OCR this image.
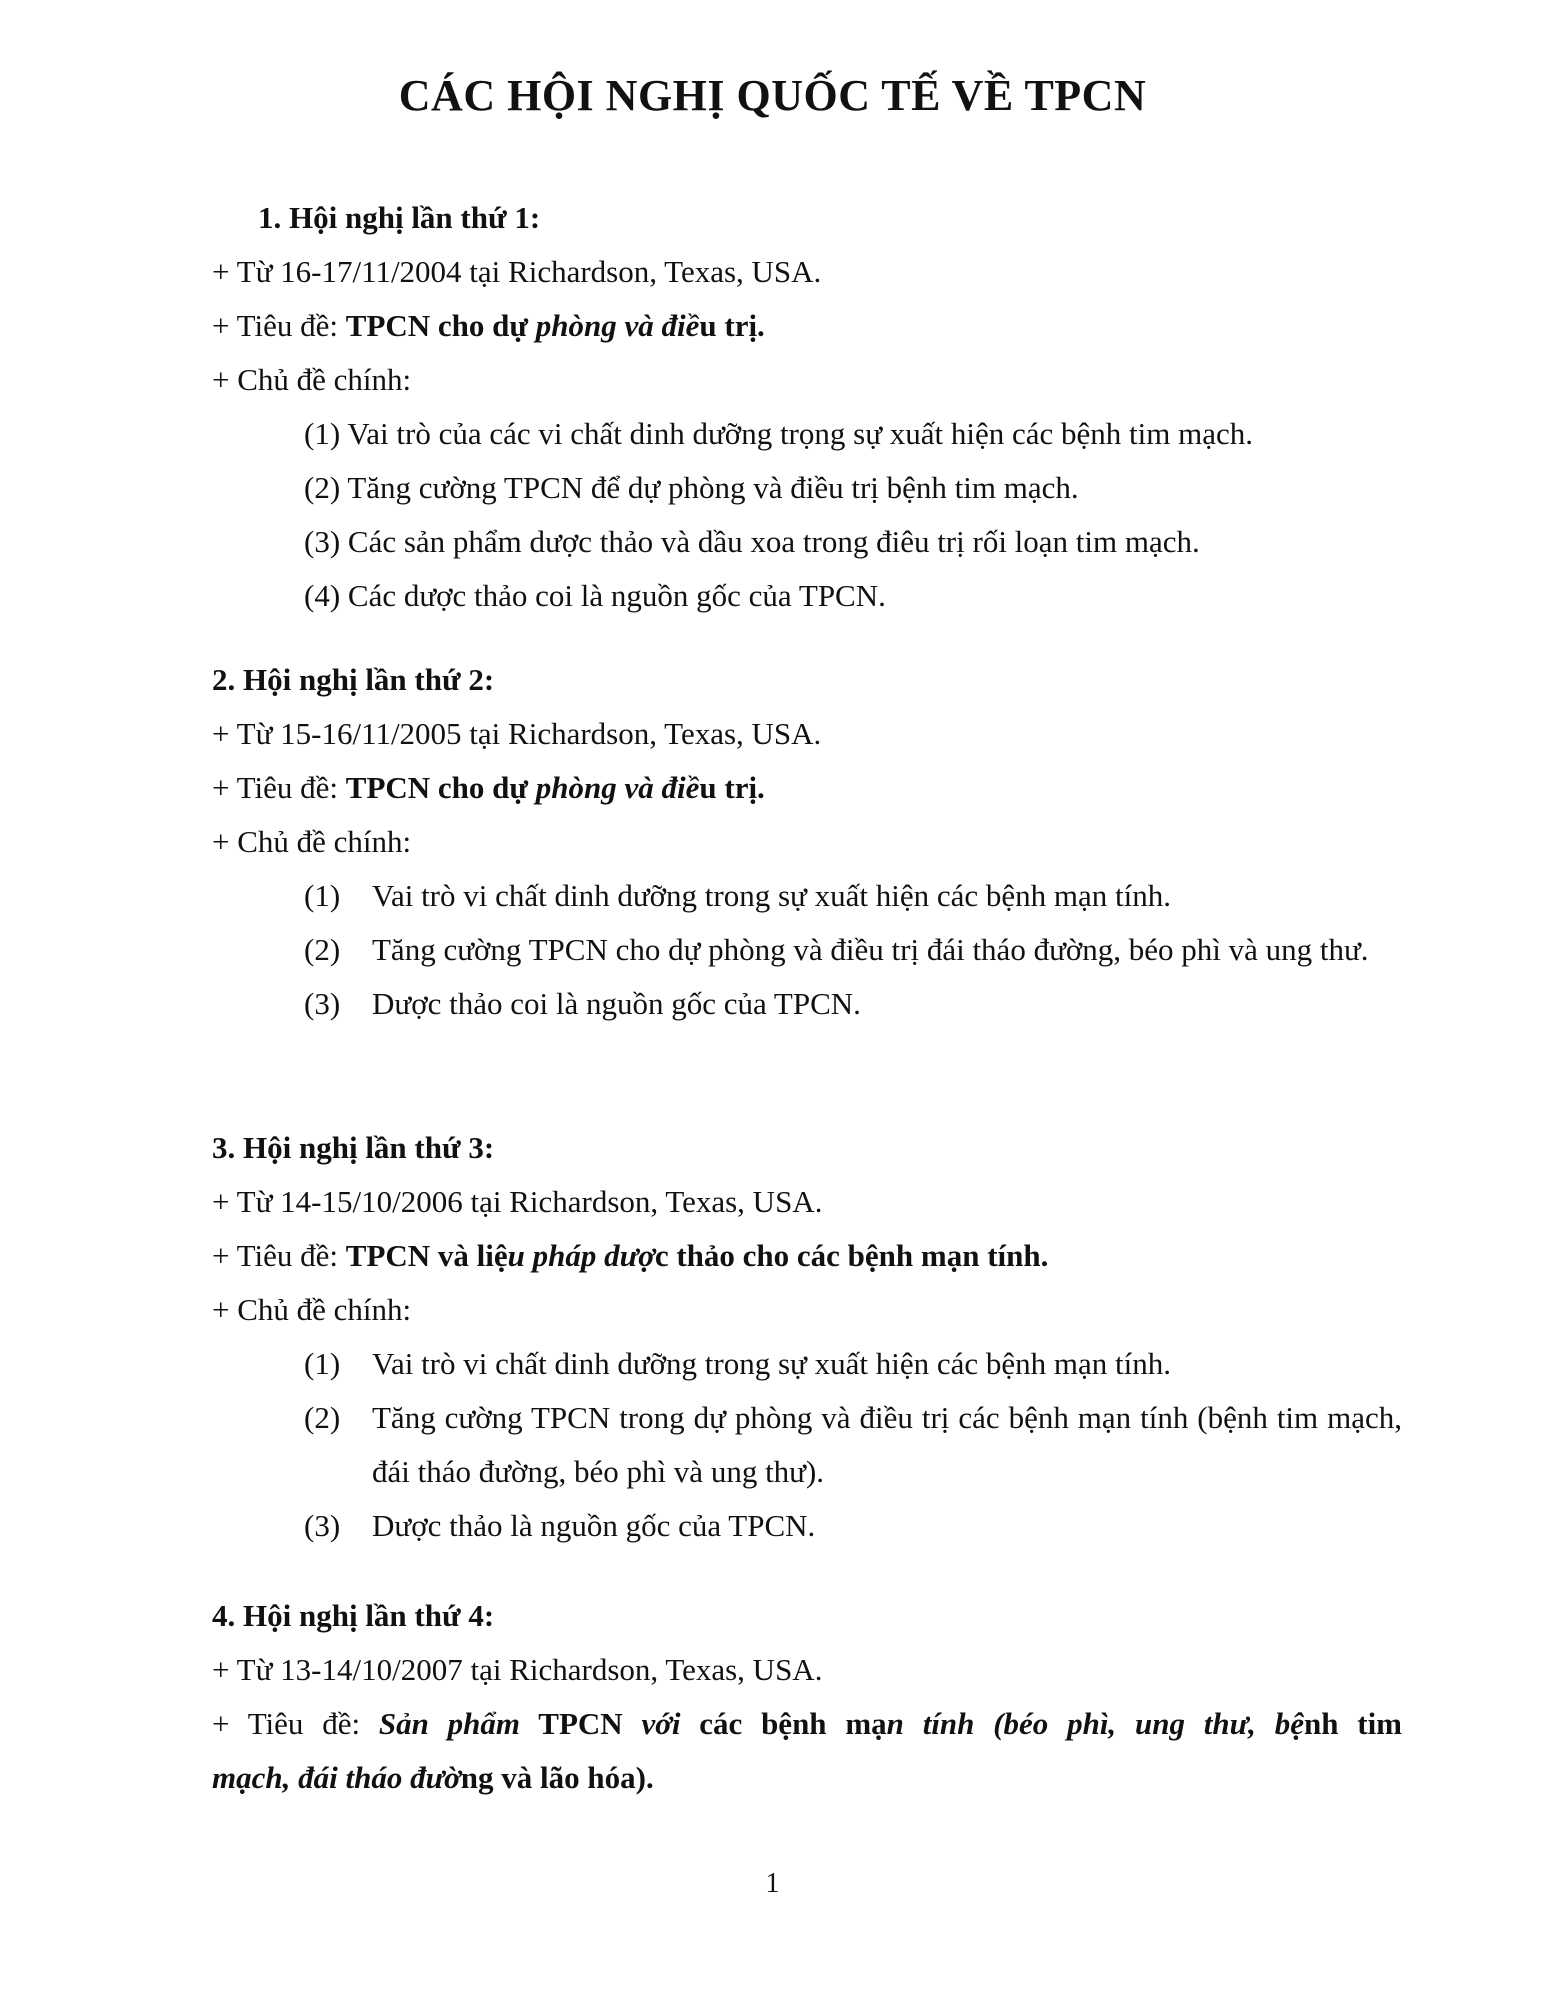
CÁC HỘI NGHỊ QUỐC TẾ VỀ TPCN
1. Hội nghị lần thứ 1:
+ Từ 16-17/11/2004 tại Richardson, Texas, USA.
+ Tiêu đề: TPCN cho dự phòng và điều trị.
+ Chủ đề chính:
(1) Vai trò của các vi chất dinh dưỡng trọng sự xuất hiện các bệnh tim mạch.
(2) Tăng cường TPCN để dự phòng và điều trị bệnh tim mạch.
(3) Các sản phẩm dược thảo và dầu xoa trong điêu trị rối loạn tim mạch.
(4) Các dược thảo coi là nguồn gốc của TPCN.
2. Hội nghị lần thứ 2:
+ Từ 15-16/11/2005 tại Richardson, Texas, USA.
+ Tiêu đề: TPCN cho dự phòng và điều trị.
+ Chủ đề chính:
(1)	Vai trò vi chất dinh dưỡng trong sự xuất hiện các bệnh mạn tính.
(2)	Tăng cường TPCN cho dự phòng và điều trị đái tháo đường, béo phì và ung thư.
(3)	Dược thảo coi là nguồn gốc của TPCN.
3. Hội nghị lần thứ 3:
+ Từ 14-15/10/2006 tại Richardson, Texas, USA.
+ Tiêu đề: TPCN và liệu pháp dược thảo cho các bệnh mạn tính.
+ Chủ đề chính:
(1)	Vai trò vi chất dinh dưỡng trong sự xuất hiện các bệnh mạn tính.
(2)	Tăng cường TPCN trong dự phòng và điều trị các bệnh mạn tính (bệnh tim mạch, đái tháo đường, béo phì và ung thư).
(3)	Dược thảo là nguồn gốc của TPCN.
4. Hội nghị lần thứ 4:
+ Từ 13-14/10/2007 tại Richardson, Texas, USA.
+ Tiêu đề: Sản phẩm TPCN với các bệnh mạn tính (béo phì, ung thư, bệnh tim
mạch, đái tháo đường và lão hóa).
1
